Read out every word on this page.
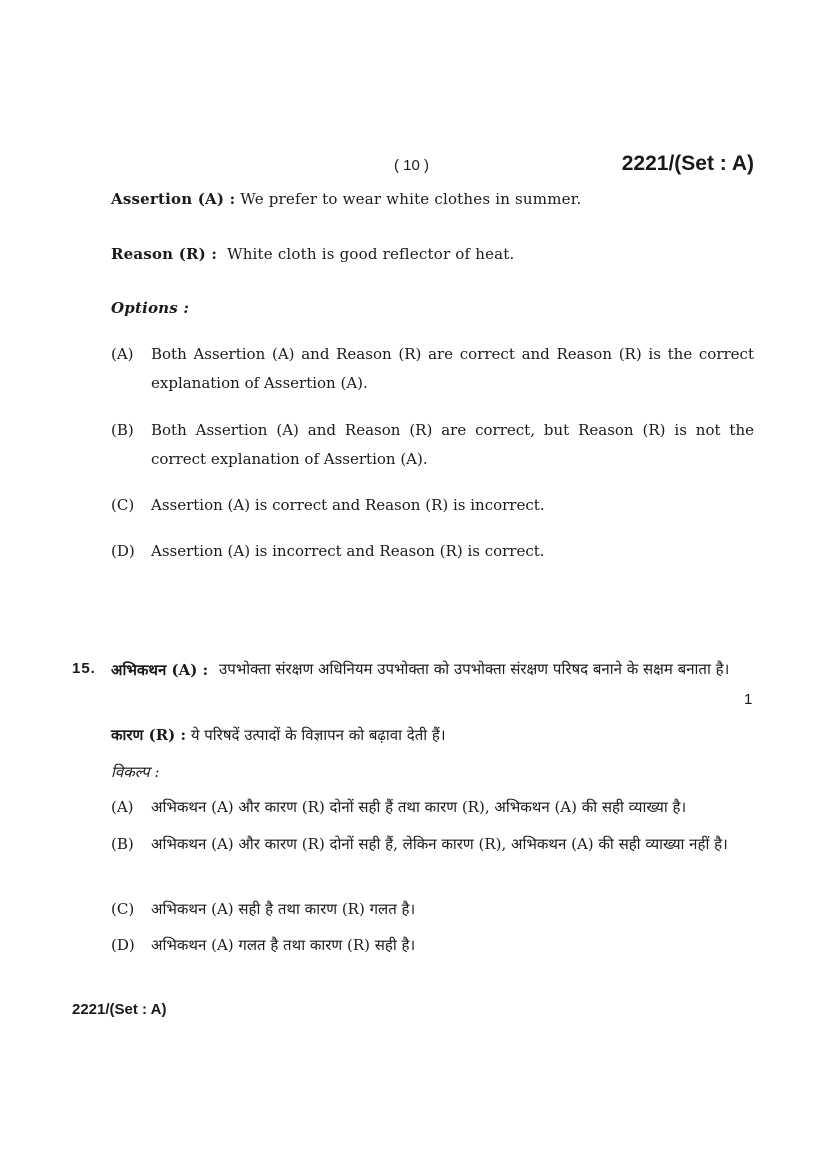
( 10 )	2221/(Set : A)
Assertion (A) : We prefer to wear white clothes in summer.
Reason (R) : White cloth is good reflector of heat.
Options :
(A) Both Assertion (A) and Reason (R) are correct and Reason (R) is the correct explanation of Assertion (A).
(B) Both Assertion (A) and Reason (R) are correct, but Reason (R) is not the correct explanation of Assertion (A).
(C) Assertion (A) is correct and Reason (R) is incorrect.
(D) Assertion (A) is incorrect and Reason (R) is correct.
15. अभिकथन (A) : उपभोक्ता संरक्षण अधिनियम उपभोक्ता को उपभोक्ता संरक्षण परिषद बनाने के सक्षम बनाता है।
1
कारण (R) : ये परिषदें उत्पादों के विज्ञापन को बढ़ावा देती हैं।
विकल्प :
(A) अभिकथन (A) और कारण (R) दोनों सही हैं तथा कारण (R), अभिकथन (A) की सही व्याख्या है।
(B) अभिकथन (A) और कारण (R) दोनों सही हैं, लेकिन कारण (R), अभिकथन (A) की सही व्याख्या नहीं है।
(C) अभिकथन (A) सही है तथा कारण (R) गलत है।
(D) अभिकथन (A) गलत है तथा कारण (R) सही है।
2221/(Set : A)
